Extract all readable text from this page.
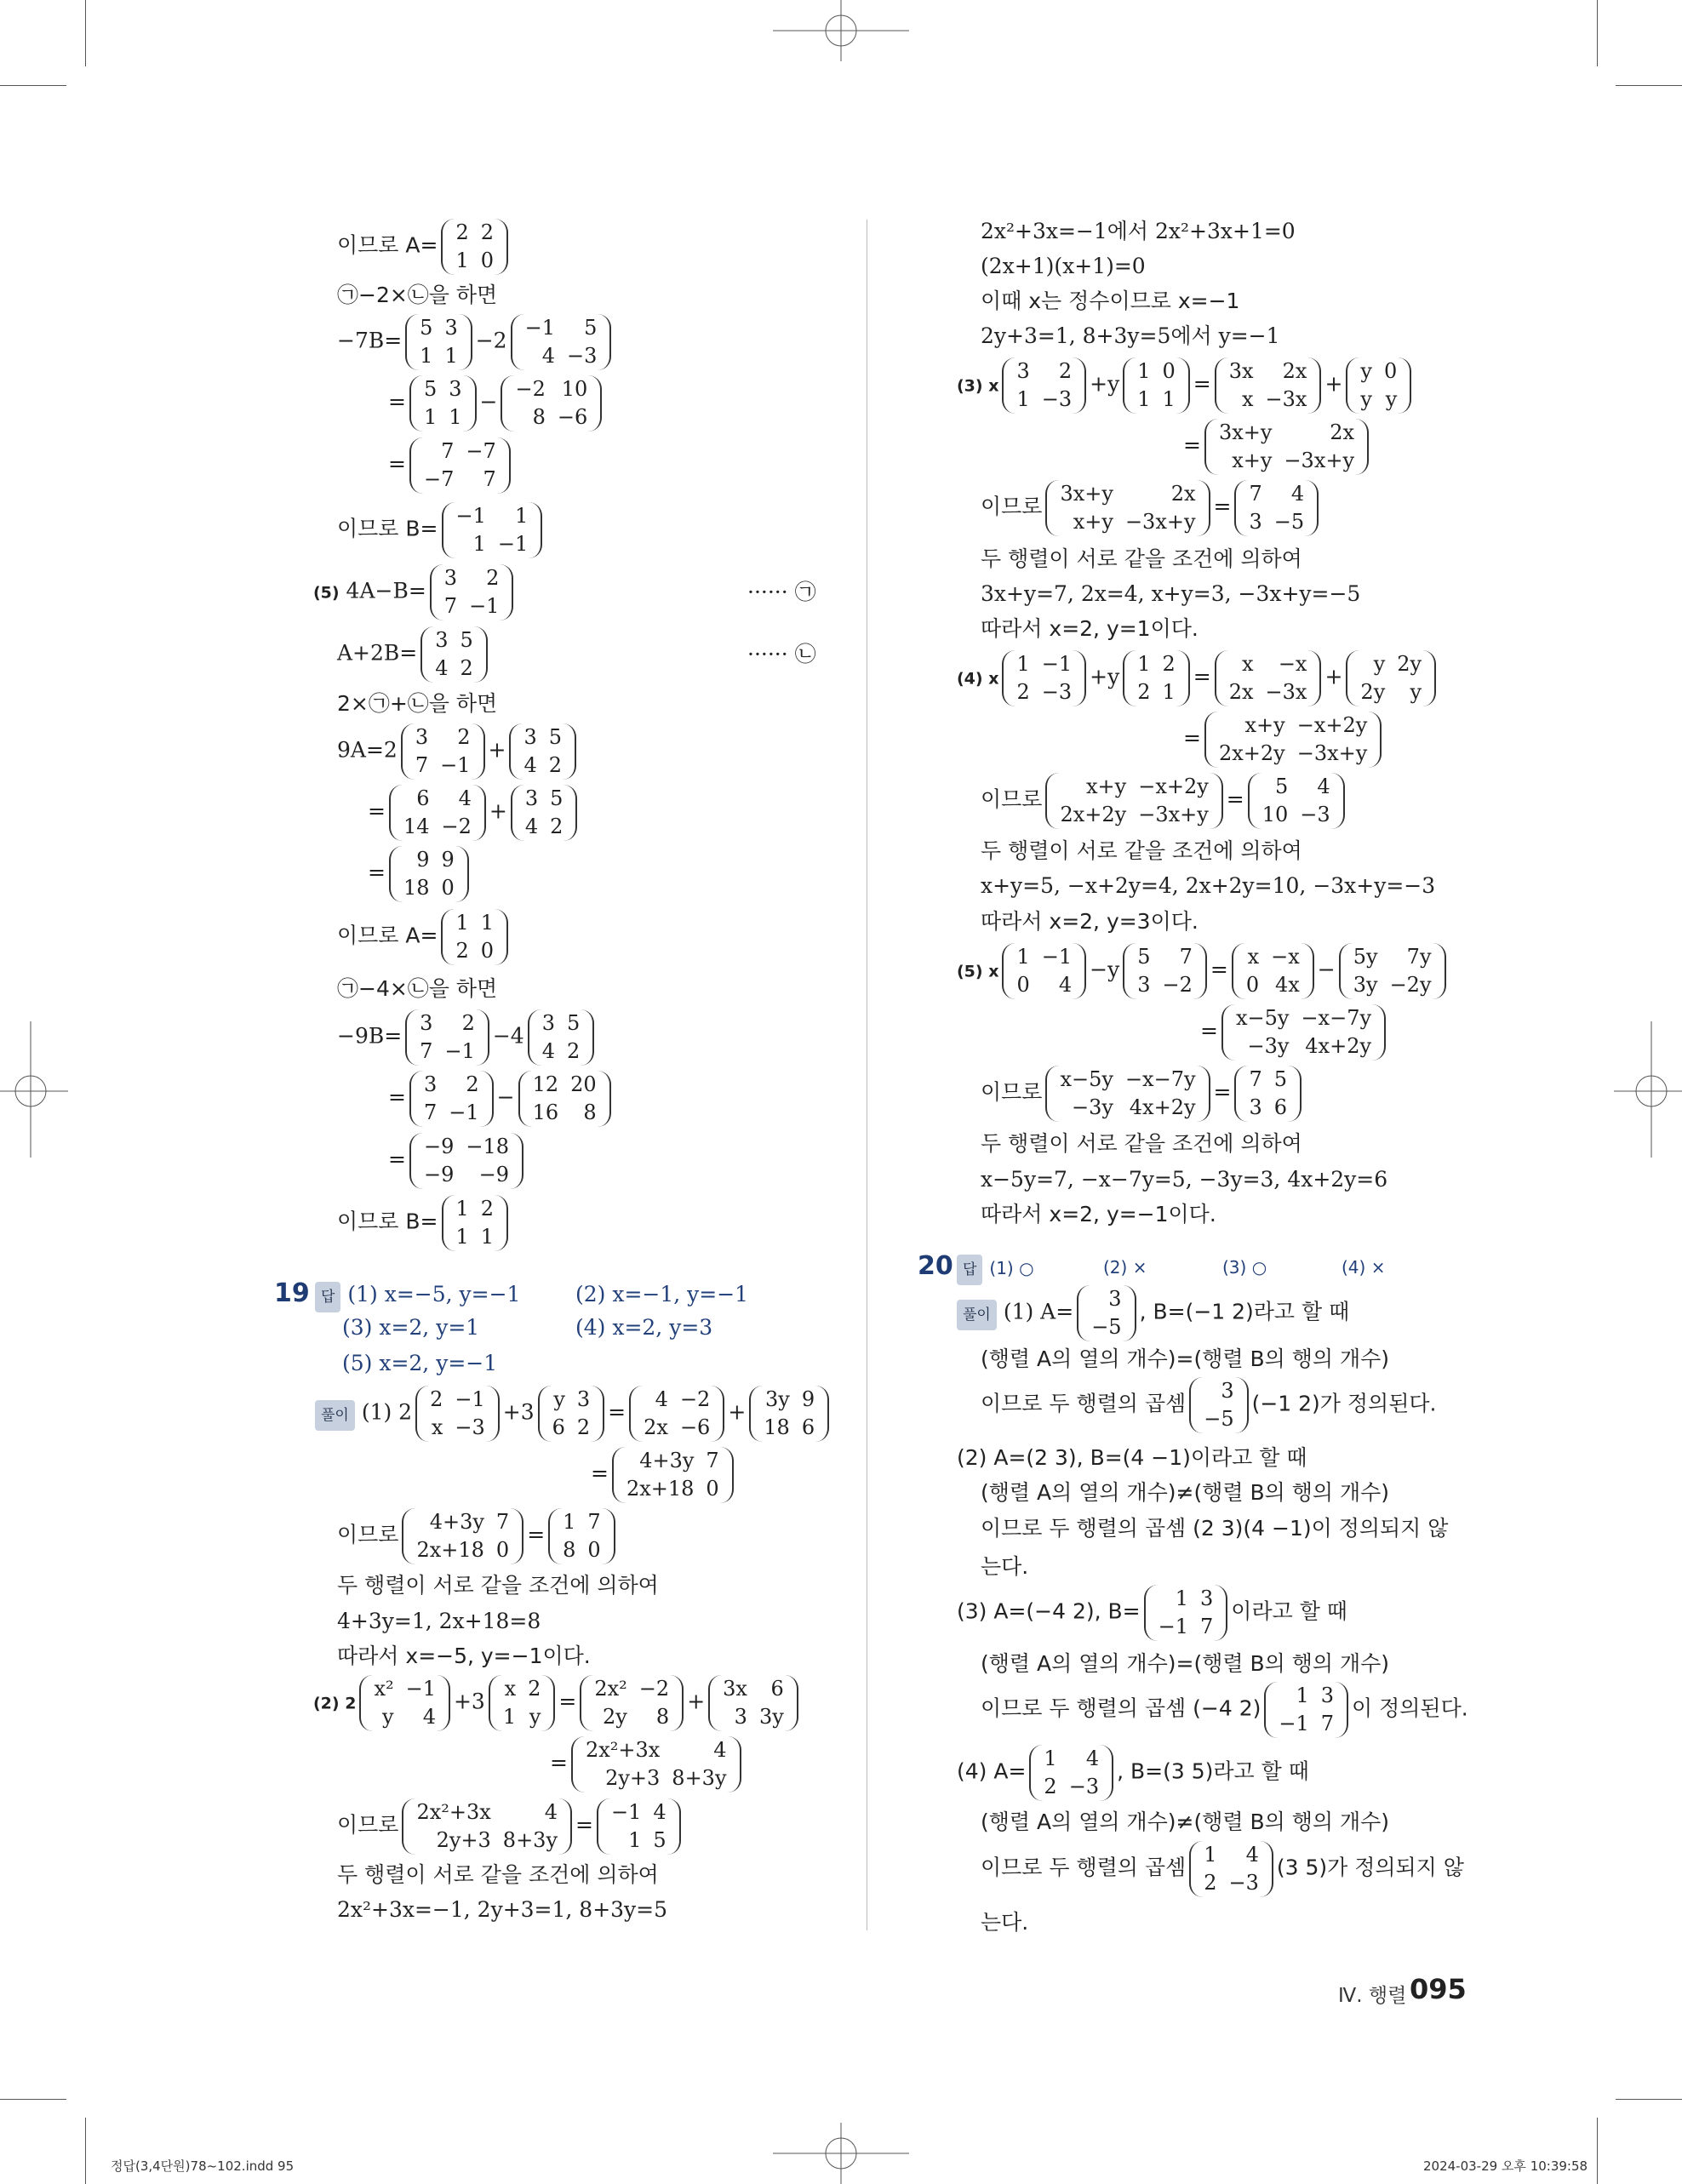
이므로 A=
2	2
1	0
㉠−2×㉡을 하면
−7B=
5	3
1	1
−2
−1	5
4	−3
=
5	3
1	1
−
−2	10
8	−6
=
7	−7
−7	7
이므로 B=
−1	1
1	−1
(5) 4A−B=
3	2
7	−1
······ ㉠
A+2B=
3	5
4	2
······ ㉡
2×㉠+㉡을 하면
9A=2
3	2
7	−1
+
3	5
4	2
=
6	4
14	−2
+
3	5
4	2
=
9	9
18	0
이므로 A=
1	1
2	0
㉠−4×㉡을 하면
−9B=
3	2
7	−1
−4
3	5
4	2
=
3	2
7	−1
−
12	20
16	8
=
−9	−18
−9	−9
이므로 B=
1	2
1	1
19 답 (1) x=−5, y=−1	(2) x=−1, y=−1
(3) x=2, y=1	(4) x=2, y=3
(5) x=2, y=−1
풀이 (1) 2
2	−1
x	−3
+3
y	3
6	2
=
4	−2
2x	−6
+
3y	9
18	6
=
4+3y	7
2x+18	0
이므로
4+3y	7
2x+18	0
=
1	7
8	0
두 행렬이 서로 같을 조건에 의하여
4+3y=1, 2x+18=8
따라서 x=−5, y=−1이다.
(2) 2
x²	−1
y	4
+3
x	2
1	y
=
2x²	−2
2y	8
+
3x	6
3	3y
=
2x²+3x	4
2y+3	8+3y
이므로
2x²+3x	4
2y+3	8+3y
=
−1	4
1	5
두 행렬이 서로 같을 조건에 의하여
2x²+3x=−1, 2y+3=1, 8+3y=5
2x²+3x=−1에서 2x²+3x+1=0
(2x+1)(x+1)=0
이때 x는 정수이므로 x=−1
2y+3=1, 8+3y=5에서 y=−1
(3) x
3	2
1	−3
+y
1	0
1	1
=
3x	2x
x	−3x
+
y	0
y	y
=
3x+y	2x
x+y	−3x+y
이므로
3x+y	2x
x+y	−3x+y
=
7	4
3	−5
두 행렬이 서로 같을 조건에 의하여
3x+y=7, 2x=4, x+y=3, −3x+y=−5
따라서 x=2, y=1이다.
(4) x
1	−1
2	−3
+y
1	2
2	1
=
x	−x
2x	−3x
+
y	2y
2y	y
=
x+y	−x+2y
2x+2y	−3x+y
이므로
x+y	−x+2y
2x+2y	−3x+y
=
5	4
10	−3
두 행렬이 서로 같을 조건에 의하여
x+y=5, −x+2y=4, 2x+2y=10, −3x+y=−3
따라서 x=2, y=3이다.
(5) x
1	−1
0	4
−y
5	7
3	−2
=
x	−x
0	4x
−
5y	7y
3y	−2y
=
x−5y	−x−7y
−3y	4x+2y
이므로
x−5y	−x−7y
−3y	4x+2y
=
7	5
3	6
두 행렬이 서로 같을 조건에 의하여
x−5y=7, −x−7y=5, −3y=3, 4x+2y=6
따라서 x=2, y=−1이다.
20 답 (1) ○	(2) ×	(3) ○	(4) ×
풀이 (1) A=
3
−5
, B=(−1 2)라고 할 때
(행렬 A의 열의 개수)=(행렬 B의 행의 개수)
이므로 두 행렬의 곱셈
3
−5
(−1 2)가 정의된다.
(2) A=(2 3), B=(4 −1)이라고 할 때
(행렬 A의 열의 개수)≠(행렬 B의 행의 개수)
이므로 두 행렬의 곱셈 (2 3)(4 −1)이 정의되지 않
는다.
(3) A=(−4 2), B=
1	3
−1	7
이라고 할 때
(행렬 A의 열의 개수)=(행렬 B의 행의 개수)
이므로 두 행렬의 곱셈 (−4 2)
1	3
−1	7
이 정의된다.
(4) A=
1	4
2	−3
, B=(3 5)라고 할 때
(행렬 A의 열의 개수)≠(행렬 B의 행의 개수)
이므로 두 행렬의 곱셈
1	4
2	−3
(3 5)가 정의되지 않
는다.
Ⅳ. 행렬 095
정답(3,4단원)78~102.indd 95	2024-03-29 오후 10:39:58
